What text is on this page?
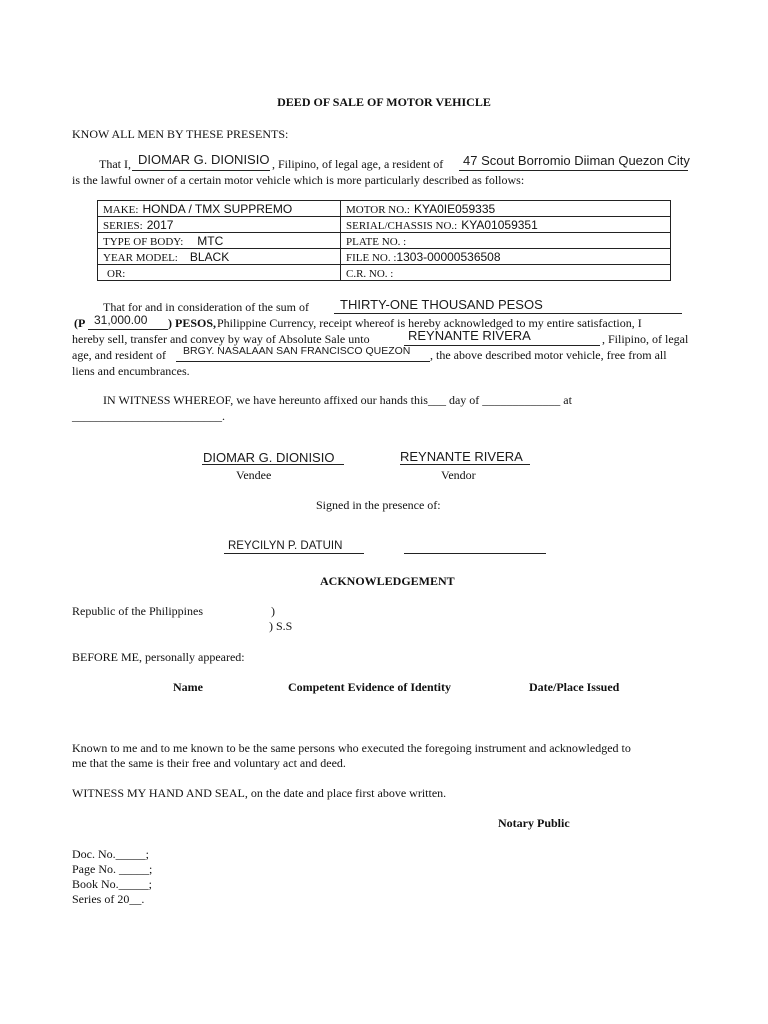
DEED OF SALE OF MOTOR VEHICLE
KNOW ALL MEN BY THESE PRESENTS:
That I, DIOMAR G. DIONISIO , Filipino, of legal age, a resident of 47 Scout Borromio Diiman Quezon City
is the lawful owner of a certain motor vehicle which is more particularly described as follows:
MAKE: HONDA / TMX SUPPREMO	MOTOR NO.: KYA0IE059335
SERIES: 2017	SERIAL/CHASSIS NO.: KYA01059351
TYPE OF BODY: MTC	PLATE NO. :
YEAR MODEL: BLACK	FILE NO. :1303-00000536508
OR:	C.R. NO. :
That for and in consideration of the sum of THIRTY-ONE THOUSAND PESOS
(P 31,000.00 ) PESOS, Philippine Currency, receipt whereof is hereby acknowledged to my entire satisfaction, I
hereby sell, transfer and convey by way of Absolute Sale unto	REYNANTE RIVERA	, Filipino, of legal
age, and resident of BRGY. NASALAAN SAN FRANCISCO QUEZON , the above described motor vehicle, free from all
liens and encumbrances.
IN WITNESS WHEREOF, we have hereunto affixed our hands this___ day of _____________ at
_________________________.
DIOMAR G. DIONISIO
Vendee
REYNANTE RIVERA
Vendor
Signed in the presence of:
REYCILYN P. DATUIN
ACKNOWLEDGEMENT
Republic of the Philippines	)
) S.S
BEFORE ME, personally appeared:
Name	Competent Evidence of Identity	Date/Place Issued
Known to me and to me known to be the same persons who executed the foregoing instrument and acknowledged to
me that the same is their free and voluntary act and deed.
WITNESS MY HAND AND SEAL, on the date and place first above written.
Notary Public
Doc. No._____;
Page No. _____;
Book No._____;
Series of 20__.
